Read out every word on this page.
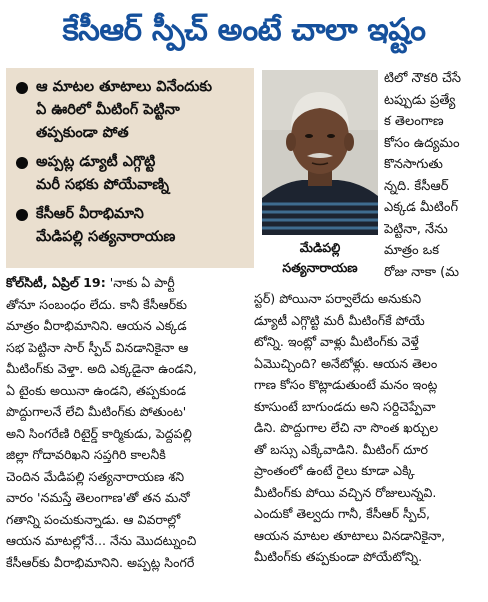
కేసీఆర్ స్పీచ్ అంటే చాలా ఇష్టం
ఆ మాటల తూటాలు వినేందుకు
ఏ ఊరిలో మీటింగ్ పెట్టినా
తప్పకుండా పోత
అప్పట్ల డ్యూటీ ఎగ్గొట్టి
మరీ సభకు పోయేవాణ్ని
కేసీఆర్ వీరాభిమాని
మేడిపల్లి సత్యనారాయణ
మేడిపల్లి
సత్యనారాయణ
టిలో నౌకరి చేసే
టప్పుడు ప్రత్యే
క తెలంగాణ
కోసం ఉద్యమం
కొనసాగుతు
న్నది. కేసీఆర్
ఎక్కడ మీటింగ్
పెట్టినా, నేను
మాత్రం ఒక
రోజు నాకా (మ
కోల్‌సిటీ, ఏప్రిల్ 19: 'నాకు ఏ పార్టీ
తోనూ సంబంధం లేదు. కానీ కేసీఆర్‌కు
మాత్రం వీరాభిమానిని. ఆయన ఎక్కడ
సభ పెట్టినా సార్ స్పీచ్ వినడానికైనా ఆ
మీటింగ్‌కు వెళ్తా. అది ఎక్కడైనా ఉండని,
ఏ టైంకు అయినా ఉండని, తప్పకుండ
పొద్దుగాలనే లేచి మీటింగ్‌కు పోతుంట'
అని సింగరేణి రిటైర్డ్ కార్మికుడు, పెద్దపల్లి
జిల్లా గోదావరిఖని సప్తగిరి కాలనీకి
చెందిన మేడిపల్లి సత్యనారాయణ శని
వారం 'నమస్తే తెలంగాణ'తో తన మనో
గతాన్ని పంచుకున్నాడు. ఆ వివరాల్లో
ఆయన మాటల్లోనే... నేను మొదట్నుంచి
కేసీఆర్‌కు వీరాభిమానిని. అప్పట్ల సింగరే
స్టర్) పోయినా పర్వాలేదు అనుకుని
డ్యూటీ ఎగ్గొట్టి మరీ మీటింగ్‌కే పోయే
టోన్ని. ఇంట్లో వాళ్లు మీటింగ్‌కు వెళ్తే
ఏమొచ్చింది? అనేటోళ్లు. ఆయన తెలం
గాణ కోసం కొట్లాడుతుంటే మనం ఇంట్ల
కూసుంటే బాగుండదు అని సర్దిచెప్పేవా
డిని. పొద్దుగాల లేచి నా సొంత ఖర్చుల
తో బస్సు ఎక్కేవాడిని. మీటింగ్ దూర
ప్రాంతంలో ఉంటే రైలు కూడా ఎక్కి
మీటింగ్‌కు పోయి వచ్చిన రోజులున్నవి.
ఎందుకో తెల్వదు గానీ, కేసీఆర్ స్పీచ్,
ఆయన మాటల తూటాలు వినడానికైనా,
మీటింగ్‌కు తప్పకుండా పోయేటోన్ని.
